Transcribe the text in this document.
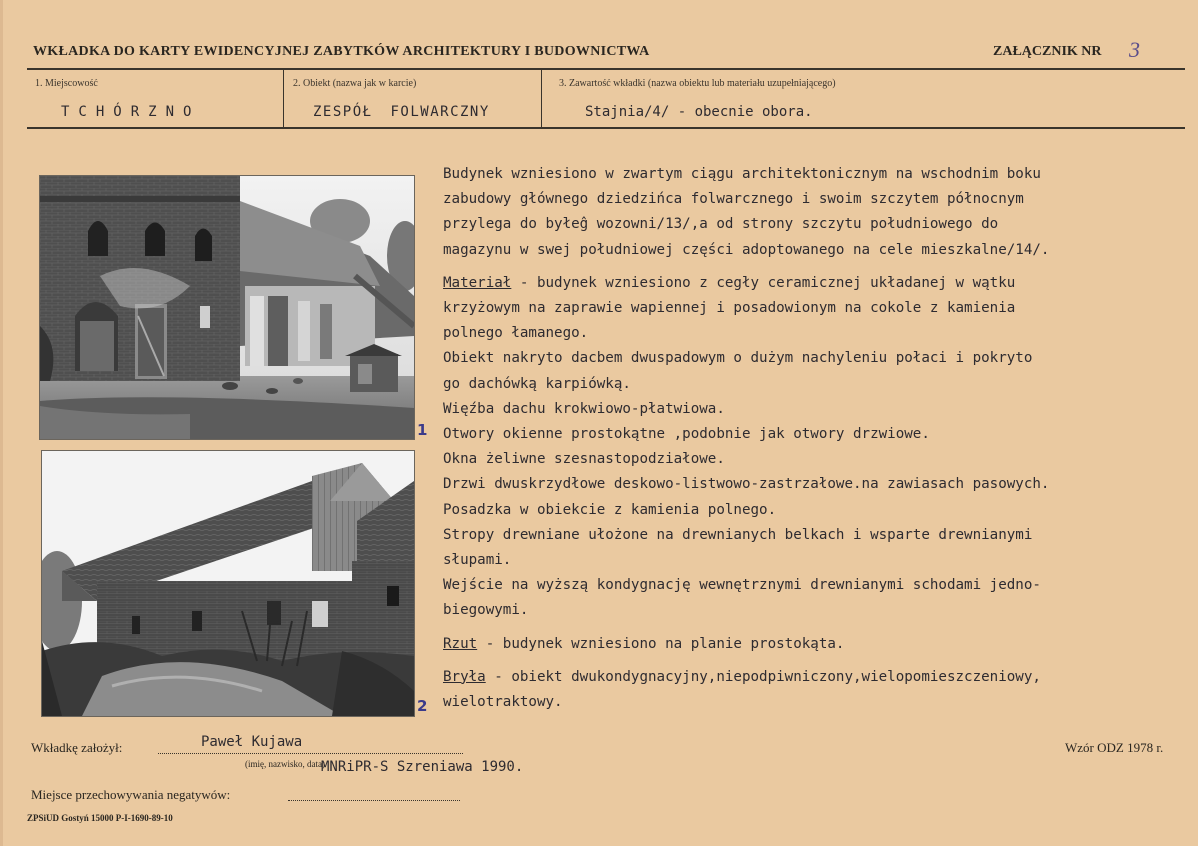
WKŁADKA DO KARTY EWIDENCYJNEJ ZABYTKÓW ARCHITEKTURY I BUDOWNICTWA	ZAŁĄCZNIK NR 3
1. Miejscowość
TCHÓRZNO
2. Obiekt (nazwa jak w karcie)
ZESPÓŁ FOLWARCZNY
3. Zawartość wkładki (nazwa obiektu lub materiału uzupełniającego)
Stajnia/4/ - obecnie obora.
1
2

Budynek wzniesiono w zwartym ciągu architektonicznym na wschodnim boku

zabudowy głównego dziedzińca folwarcznego i swoim szczytem północnym

przylega do byłeĝ wozowni/13/,a od strony szczytu południowego do

magazynu w swej południowej części adoptowanego na cele mieszkalne/14/.

Materiał - budynek wzniesiono z cegły ceramicznej układanej w wątku

krzyżowym na zaprawie wapiennej i posadowionym na cokole z kamienia

polnego łamanego.

Obiekt nakryto dacbem dwuspadowym o dużym nachyleniu połaci i pokryto

go dachówką karpiówką.

Więźba dachu krokwiowo-płatwiowa.

Otwory okienne prostokątne ,podobnie jak otwory drzwiowe.

Okna żeliwne szesnastopodziałowe.

Drzwi dwuskrzydłowe deskowo-listwowo-zastrzałowe.na zawiasach pasowych.

Posadzka w obiekcie z kamienia polnego.

Stropy drewniane ułożone na drewnianych belkach i wsparte drewnianymi

słupami.

Wejście na wyższą kondygnację wewnętrznymi drewnianymi schodami jedno-

biegowymi.

Rzut - budynek wzniesiono na planie prostokąta.

Bryła - obiekt dwukondygnacyjny,niepodpiwniczony,wielopomieszczeniowy,

wielotraktowy.

Wkładkę założył:	Paweł Kujawa
(imię, nazwisko, data)
MNRiPR-S Szreniawa 1990.
Wzór ODZ 1978 r.
Miejsce przechowywania negatywów:
ZPSiUD Gostyń 15000 P-I-1690-89-10
